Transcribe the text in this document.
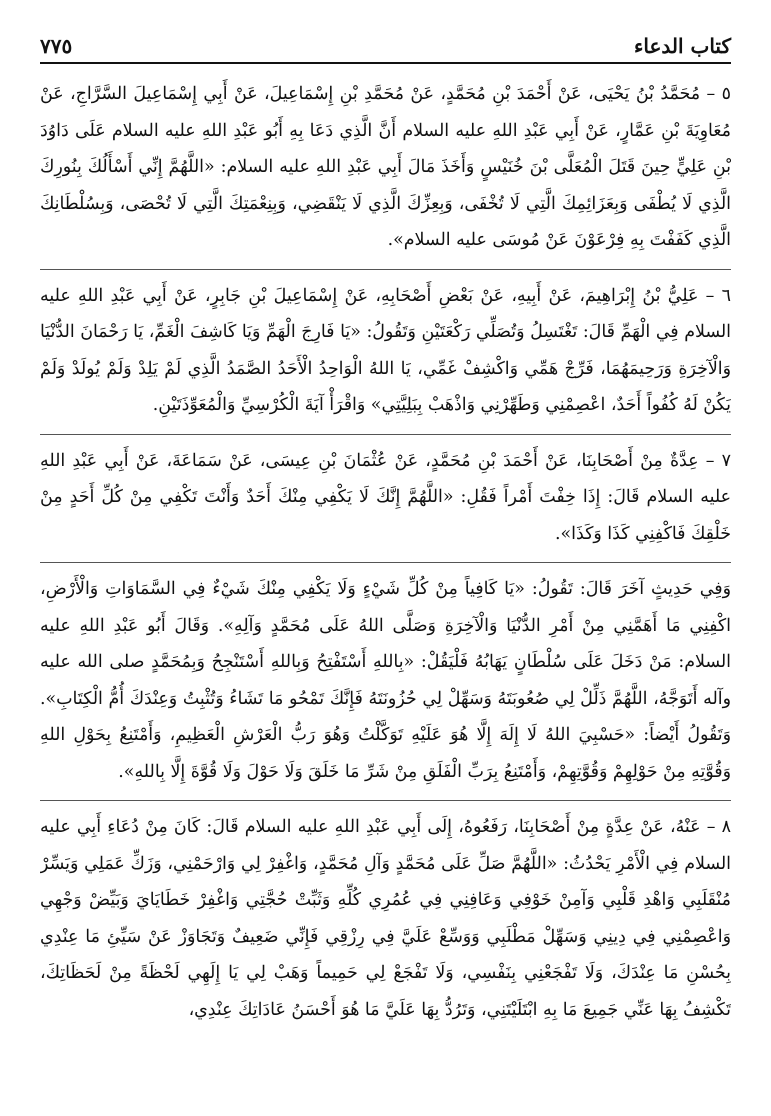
كتاب الدعاء
٧٧٥

٥ – مُحَمَّدُ بْنُ يَحْيَى، عَنْ أَحْمَدَ بْنِ مُحَمَّدٍ، عَنْ مُحَمَّدِ بْنِ إِسْمَاعِيلَ، عَنْ أَبِي إِسْمَاعِيلَ السَّرَّاجِ، عَنْ مُعَاوِيَةَ بْنِ عَمَّارٍ، عَنْ أَبِي عَبْدِ اللهِ عليه السلام أَنَّ الَّذِي دَعَا بِهِ أَبُو عَبْدِ اللهِ عليه السلام عَلَى دَاوُدَ بْنِ عَلِيٍّ حِينَ قَتَلَ الْمُعَلَّى بْنَ خُنَيْسٍ وَأَخَذَ مَالَ أَبِي عَبْدِ اللهِ عليه السلام: «اللَّهُمَّ إِنِّي أَسْأَلُكَ بِنُورِكَ الَّذِي لَا يُطْفَى وَبِعَزَائِمِكَ الَّتِي لَا تُخْفَى، وَبِعِزِّكَ الَّذِي لَا يَنْقَضِي، وَبِنِعْمَتِكَ الَّتِي لَا تُحْصَى، وَبِسُلْطَانِكَ الَّذِي كَفَفْتَ بِهِ فِرْعَوْنَ عَنْ مُوسَى عليه السلام».

٦ – عَلِيُّ بْنُ إِبْرَاهِيمَ، عَنْ أَبِيهِ، عَنْ بَعْضِ أَصْحَابِهِ، عَنْ إِسْمَاعِيلَ بْنِ جَابِرٍ، عَنْ أَبِي عَبْدِ اللهِ عليه السلام فِي الْهَمِّ قَالَ: تَغْتَسِلُ وَتُصَلِّي رَكْعَتَيْنِ وَتَقُولُ: «يَا فَارِجَ الْهَمِّ وَيَا كَاشِفَ الْغَمِّ، يَا رَحْمَانَ الدُّنْيَا وَالْآخِرَةِ وَرَحِيمَهُمَا، فَرِّجْ هَمِّي وَاكْشِفْ غَمِّي، يَا اللهُ الْوَاحِدُ الْأَحَدُ الصَّمَدُ الَّذِي لَمْ يَلِدْ وَلَمْ يُولَدْ وَلَمْ يَكُنْ لَهُ كُفُواً أَحَدٌ، اعْصِمْنِي وَطَهِّرْنِي وَاذْهَبْ بِبَلِيَّتِي» وَاقْرَأْ آيَةَ الْكُرْسِيِّ وَالْمُعَوِّذَتَيْنِ.

٧ – عِدَّةٌ مِنْ أَصْحَابِنَا، عَنْ أَحْمَدَ بْنِ مُحَمَّدٍ، عَنْ عُثْمَانَ بْنِ عِيسَى، عَنْ سَمَاعَةَ، عَنْ أَبِي عَبْدِ اللهِ عليه السلام قَالَ: إِذَا خِفْتَ أَمْراً فَقُلِ: «اللَّهُمَّ إِنَّكَ لَا يَكْفِي مِنْكَ أَحَدٌ وَأَنْتَ تَكْفِي مِنْ كُلِّ أَحَدٍ مِنْ خَلْقِكَ فَاكْفِنِي كَذَا وَكَذَا».

وَفِي حَدِيثٍ آخَرَ قَالَ: تَقُولُ: «يَا كَافِياً مِنْ كُلِّ شَيْءٍ وَلَا يَكْفِي مِنْكَ شَيْءٌ فِي السَّمَاوَاتِ وَالْأَرْضِ، اكْفِنِي مَا أَهَمَّنِي مِنْ أَمْرِ الدُّنْيَا وَالْآخِرَةِ وَصَلَّى اللهُ عَلَى مُحَمَّدٍ وَآلِهِ». وَقَالَ أَبُو عَبْدِ اللهِ عليه السلام: مَنْ دَخَلَ عَلَى سُلْطَانٍ يَهَابُهُ فَلْيَقُلْ: «بِاللهِ أَسْتَفْتِحُ وَبِاللهِ أَسْتَنْجِحُ وَبِمُحَمَّدٍ صلى الله عليه وآله أَتَوَجَّهُ، اللَّهُمَّ ذَلِّلْ لِي صُعُوبَتَهُ وَسَهِّلْ لِي حُزُونَتَهُ فَإِنَّكَ تَمْحُو مَا تَشَاءُ وَتُثْبِتُ وَعِنْدَكَ أُمُّ الْكِتَابِ». وَتَقُولُ أَيْضاً: «حَسْبِيَ اللهُ لَا إِلَهَ إِلَّا هُوَ عَلَيْهِ تَوَكَّلْتُ وَهُوَ رَبُّ الْعَرْشِ الْعَظِيمِ، وَأَمْتَنِعُ بِحَوْلِ اللهِ وَقُوَّتِهِ مِنْ حَوْلِهِمْ وَقُوَّتِهِمْ، وَأَمْتَنِعُ بِرَبِّ الْفَلَقِ مِنْ شَرِّ مَا خَلَقَ وَلَا حَوْلَ وَلَا قُوَّةَ إِلَّا بِاللهِ».

٨ – عَنْهُ، عَنْ عِدَّةٍ مِنْ أَصْحَابِنَا، رَفَعُوهُ، إِلَى أَبِي عَبْدِ اللهِ عليه السلام قَالَ: كَانَ مِنْ دُعَاءِ أَبِي عليه السلام فِي الْأَمْرِ يَحْدُثُ: «اللَّهُمَّ صَلِّ عَلَى مُحَمَّدٍ وَآلِ مُحَمَّدٍ، وَاغْفِرْ لِي وَارْحَمْنِي، وَزَكِّ عَمَلِي وَيَسِّرْ مُنْقَلَبِي وَاهْدِ قَلْبِي وَآمِنْ خَوْفِي وَعَافِنِي فِي عُمُرِي كُلِّهِ وَثَبِّتْ حُجَّتِي وَاغْفِرْ خَطَايَايَ وَبَيِّضْ وَجْهِي وَاعْصِمْنِي فِي دِينِي وَسَهِّلْ مَطْلَبِي وَوَسِّعْ عَلَيَّ فِي رِزْقِي فَإِنِّي ضَعِيفٌ وَتَجَاوَزْ عَنْ سَيِّئِ مَا عِنْدِي بِحُسْنِ مَا عِنْدَكَ، وَلَا تَفْجَعْنِي بِنَفْسِي، وَلَا تَفْجَعْ لِي حَمِيماً وَهَبْ لِي يَا إِلَهِي لَحْظَةً مِنْ لَحَظَاتِكَ، تَكْشِفُ بِهَا عَنِّي جَمِيعَ مَا بِهِ ابْتَلَيْتَنِي، وَتَرُدُّ بِهَا عَلَيَّ مَا هُوَ أَحْسَنُ عَادَاتِكَ عِنْدِي،
